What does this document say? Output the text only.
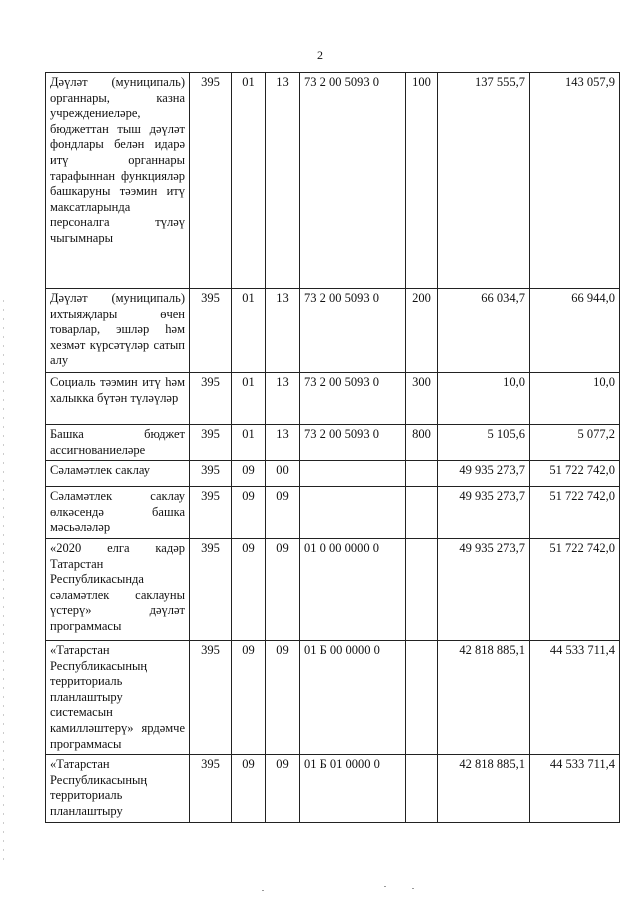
2
Дәүләт (муниципаль) органнары, казна учреждениеләре, бюджеттан тыш дәүләт фондлары белән идарә итү органнары тарафыннан функцияләр башкаруны тәэмин итү максатларында персоналга түләү чыгымнары	395	01	13	73 2 00 5093 0	100	137 555,7	143 057,9
Дәүләт (муниципаль) ихтыяҗлары өчен товарлар, эшләр һәм хезмәт күрсәтүләр сатып алу	395	01	13	73 2 00 5093 0	200	66 034,7	66 944,0
Социаль тәэмин итү һәм халыкка бүтән түләүләр	395	01	13	73 2 00 5093 0	300	10,0	10,0
Башка бюджет ассигнованиеләре	395	01	13	73 2 00 5093 0	800	5 105,6	5 077,2
Сәламәтлек саклау	395	09	00			49 935 273,7	51 722 742,0
Сәламәтлек саклау өлкәсендә башка мәсьәләләр	395	09	09			49 935 273,7	51 722 742,0
«2020 елга кадәр Татарстан Республикасында сәламәтлек саклауны үстерү» дәүләт программасы	395	09	09	01 0 00 0000 0		49 935 273,7	51 722 742,0
«Татарстан Республикасының территориаль планлаштыру системасын камилләштерү» ярдәмче программасы	395	09	09	01 Б 00 0000 0		42 818 885,1	44 533 711,4
«Татарстан Республикасының территориаль планлаштыру	395	09	09	01 Б 01 0000 0		42 818 885,1	44 533 711,4
